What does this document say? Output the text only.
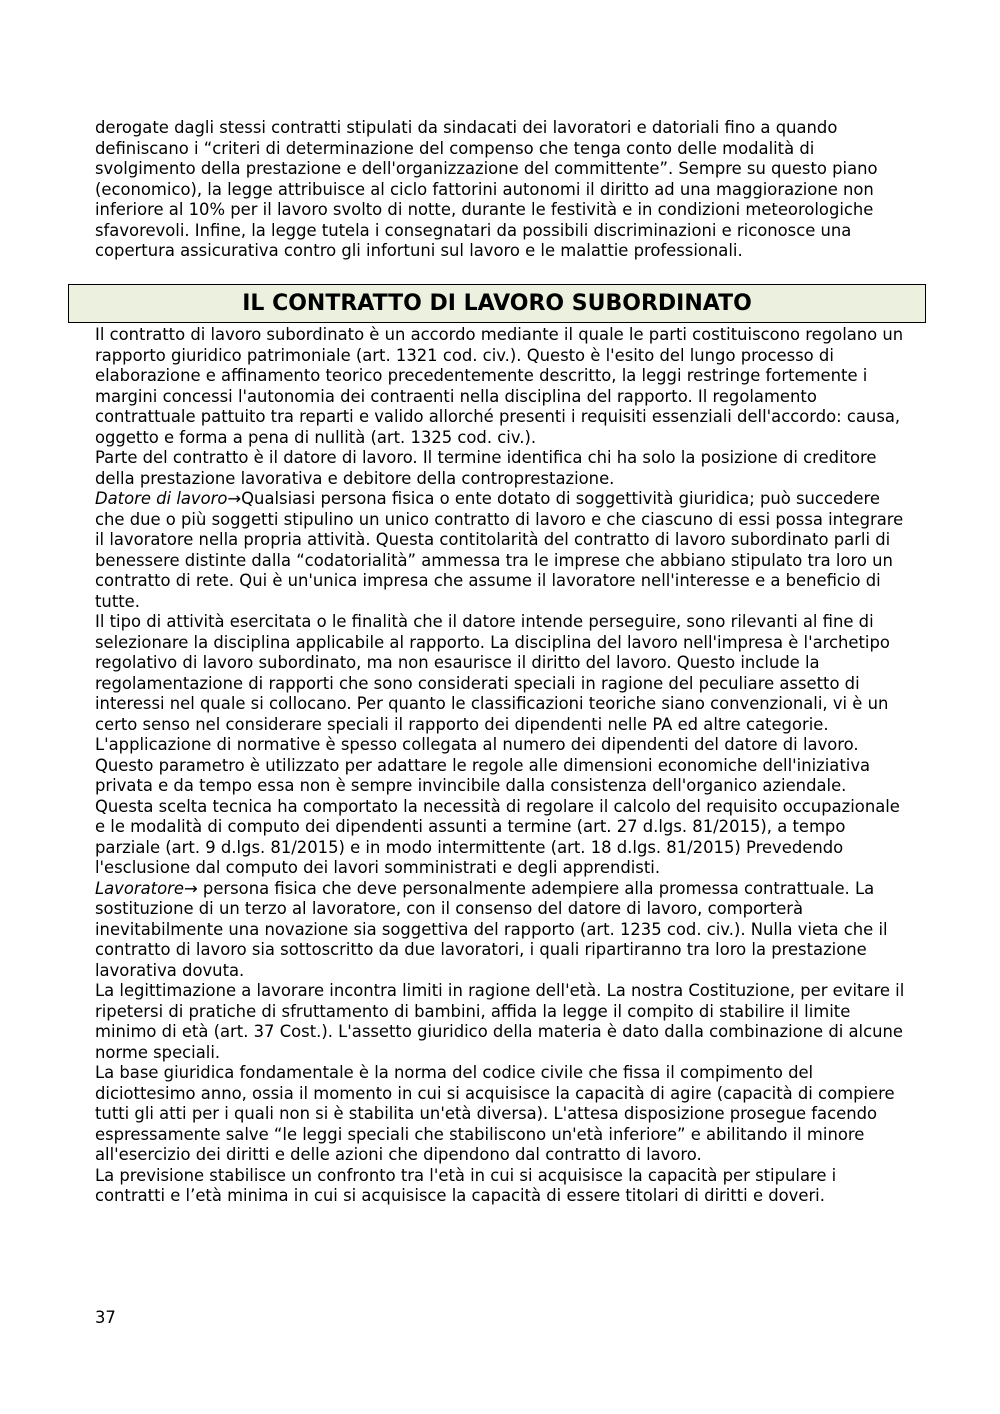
derogate dagli stessi contratti stipulati da sindacati dei lavoratori e datoriali fino a quando definiscano i “criteri di determinazione del compenso che tenga conto delle modalità di svolgimento della prestazione e dell'organizzazione del committente”. Sempre su questo piano (economico), la legge attribuisce al ciclo fattorini autonomi il diritto ad una maggiorazione non inferiore al 10% per il lavoro svolto di notte, durante le festività e in condizioni meteorologiche sfavorevoli. Infine, la legge tutela i consegnatari da possibili discriminazioni e riconosce una copertura assicurativa contro gli infortuni sul lavoro e le malattie professionali.

IL CONTRATTO DI LAVORO SUBORDINATO

Il contratto di lavoro subordinato è un accordo mediante il quale le parti costituiscono regolano un rapporto giuridico patrimoniale (art. 1321 cod. civ.). Questo è l'esito del lungo processo di elaborazione e affinamento teorico precedentemente descritto, la leggi restringe fortemente i margini concessi l'autonomia dei contraenti nella disciplina del rapporto. Il regolamento contrattuale pattuito tra reparti e valido allorché presenti i requisiti essenziali dell'accordo: causa, oggetto e forma a pena di nullità (art. 1325 cod. civ.).

Parte del contratto è il datore di lavoro. Il termine identifica chi ha solo la posizione di creditore della prestazione lavorativa e debitore della controprestazione.

Datore di lavoro→Qualsiasi persona fisica o ente dotato di soggettività giuridica; può succedere che due o più soggetti stipulino un unico contratto di lavoro e che ciascuno di essi possa integrare il lavoratore nella propria attività. Questa contitolarità del contratto di lavoro subordinato parli di benessere distinte dalla “codatorialità” ammessa tra le imprese che abbiano stipulato tra loro un contratto di rete. Qui è un'unica impresa che assume il lavoratore nell'interesse e a beneficio di tutte.

Il tipo di attività esercitata o le finalità che il datore intende perseguire, sono rilevanti al fine di selezionare la disciplina applicabile al rapporto. La disciplina del lavoro nell'impresa è l'archetipo regolativo di lavoro subordinato, ma non esaurisce il diritto del lavoro. Questo include la regolamentazione di rapporti che sono considerati speciali in ragione del peculiare assetto di interessi nel quale si collocano. Per quanto le classificazioni teoriche siano convenzionali, vi è un certo senso nel considerare speciali il rapporto dei dipendenti nelle PA ed altre categorie.

L'applicazione di normative è spesso collegata al numero dei dipendenti del datore di lavoro. Questo parametro è utilizzato per adattare le regole alle dimensioni economiche dell'iniziativa privata e da tempo essa non è sempre invincibile dalla consistenza dell'organico aziendale. Questa scelta tecnica ha comportato la necessità di regolare il calcolo del requisito occupazionale e le modalità di computo dei dipendenti assunti a termine (art. 27 d.lgs. 81/2015), a tempo parziale (art. 9 d.lgs. 81/2015) e in modo intermittente (art. 18 d.lgs. 81/2015) Prevedendo l'esclusione dal computo dei lavori somministrati e degli apprendisti.

Lavoratore→ persona fisica che deve personalmente adempiere alla promessa contrattuale. La sostituzione di un terzo al lavoratore, con il consenso del datore di lavoro, comporterà inevitabilmente una novazione sia soggettiva del rapporto (art. 1235 cod. civ.). Nulla vieta che il contratto di lavoro sia sottoscritto da due lavoratori, i quali ripartiranno tra loro la prestazione lavorativa dovuta.

La legittimazione a lavorare incontra limiti in ragione dell'età. La nostra Costituzione, per evitare il ripetersi di pratiche di sfruttamento di bambini, affida la legge il compito di stabilire il limite minimo di età (art. 37 Cost.). L'assetto giuridico della materia è dato dalla combinazione di alcune norme speciali.

La base giuridica fondamentale è la norma del codice civile che fissa il compimento del diciottesimo anno, ossia il momento in cui si acquisisce la capacità di agire (capacità di compiere tutti gli atti per i quali non si è stabilita un'età diversa). L'attesa disposizione prosegue facendo espressamente salve “le leggi speciali che stabiliscono un'età inferiore” e abilitando il minore all'esercizio dei diritti e delle azioni che dipendono dal contratto di lavoro.

La previsione stabilisce un confronto tra l'età in cui si acquisisce la capacità per stipulare i contratti e l’età minima in cui si acquisisce la capacità di essere titolari di diritti e doveri.

37
